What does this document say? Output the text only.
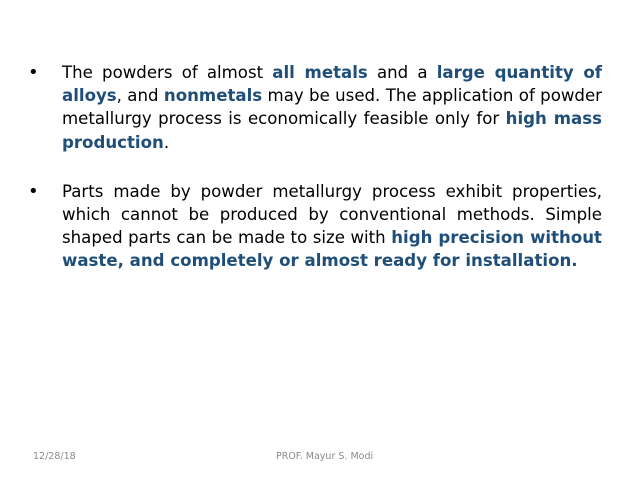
• The powders of almost all metals and a large quantity of alloys, and nonmetals may be used. The application of powder metallurgy process is economically feasible only for high mass production.
• Parts made by powder metallurgy process exhibit properties, which cannot be produced by conventional methods. Simple shaped parts can be made to size with high precision without waste, and completely or almost ready for installation.
12/28/18	PROF. Mayur S. Modi
